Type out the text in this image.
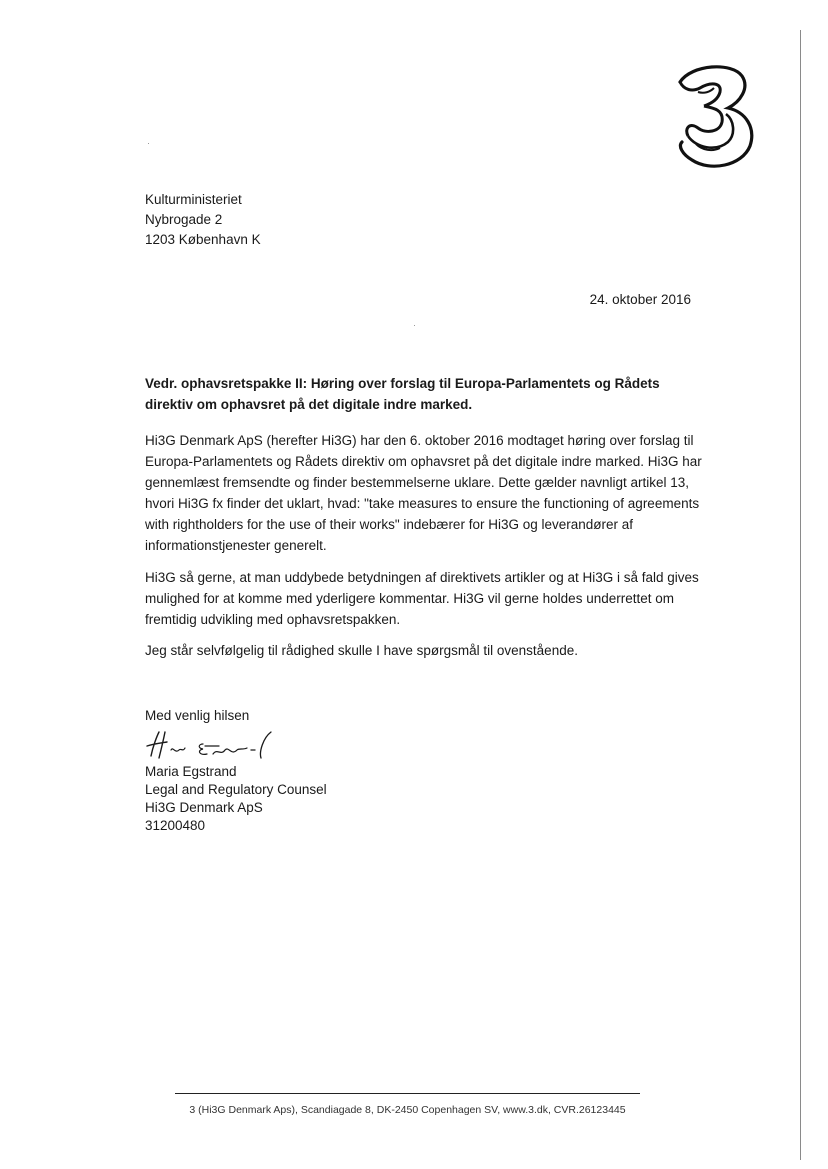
Kulturministeriet
Nybrogade 2
1203 København K
24. oktober 2016
Vedr. ophavsretspakke II: Høring over forslag til Europa-Parlamentets og Rådets direktiv om ophavsret på det digitale indre marked.
Hi3G Denmark ApS (herefter Hi3G) har den 6. oktober 2016 modtaget høring over forslag til Europa-Parlamentets og Rådets direktiv om ophavsret på det digitale indre marked. Hi3G har gennemlæst fremsendte og finder bestemmelserne uklare. Dette gælder navnligt artikel 13, hvori Hi3G fx finder det uklart, hvad: "take measures to ensure the functioning of agreements with rightholders for the use of their works" indebærer for Hi3G og leverandører af informationstjenester generelt.
Hi3G så gerne, at man uddybede betydningen af direktivets artikler og at Hi3G i så fald gives mulighed for at komme med yderligere kommentar. Hi3G vil gerne holdes underrettet om fremtidig udvikling med ophavsretspakken.
Jeg står selvfølgelig til rådighed skulle I have spørgsmål til ovenstående.
Med venlig hilsen
Maria Egstrand
Legal and Regulatory Counsel
Hi3G Denmark ApS
31200480
3 (Hi3G Denmark Aps), Scandiagade 8, DK-2450 Copenhagen SV, www.3.dk, CVR.26123445
